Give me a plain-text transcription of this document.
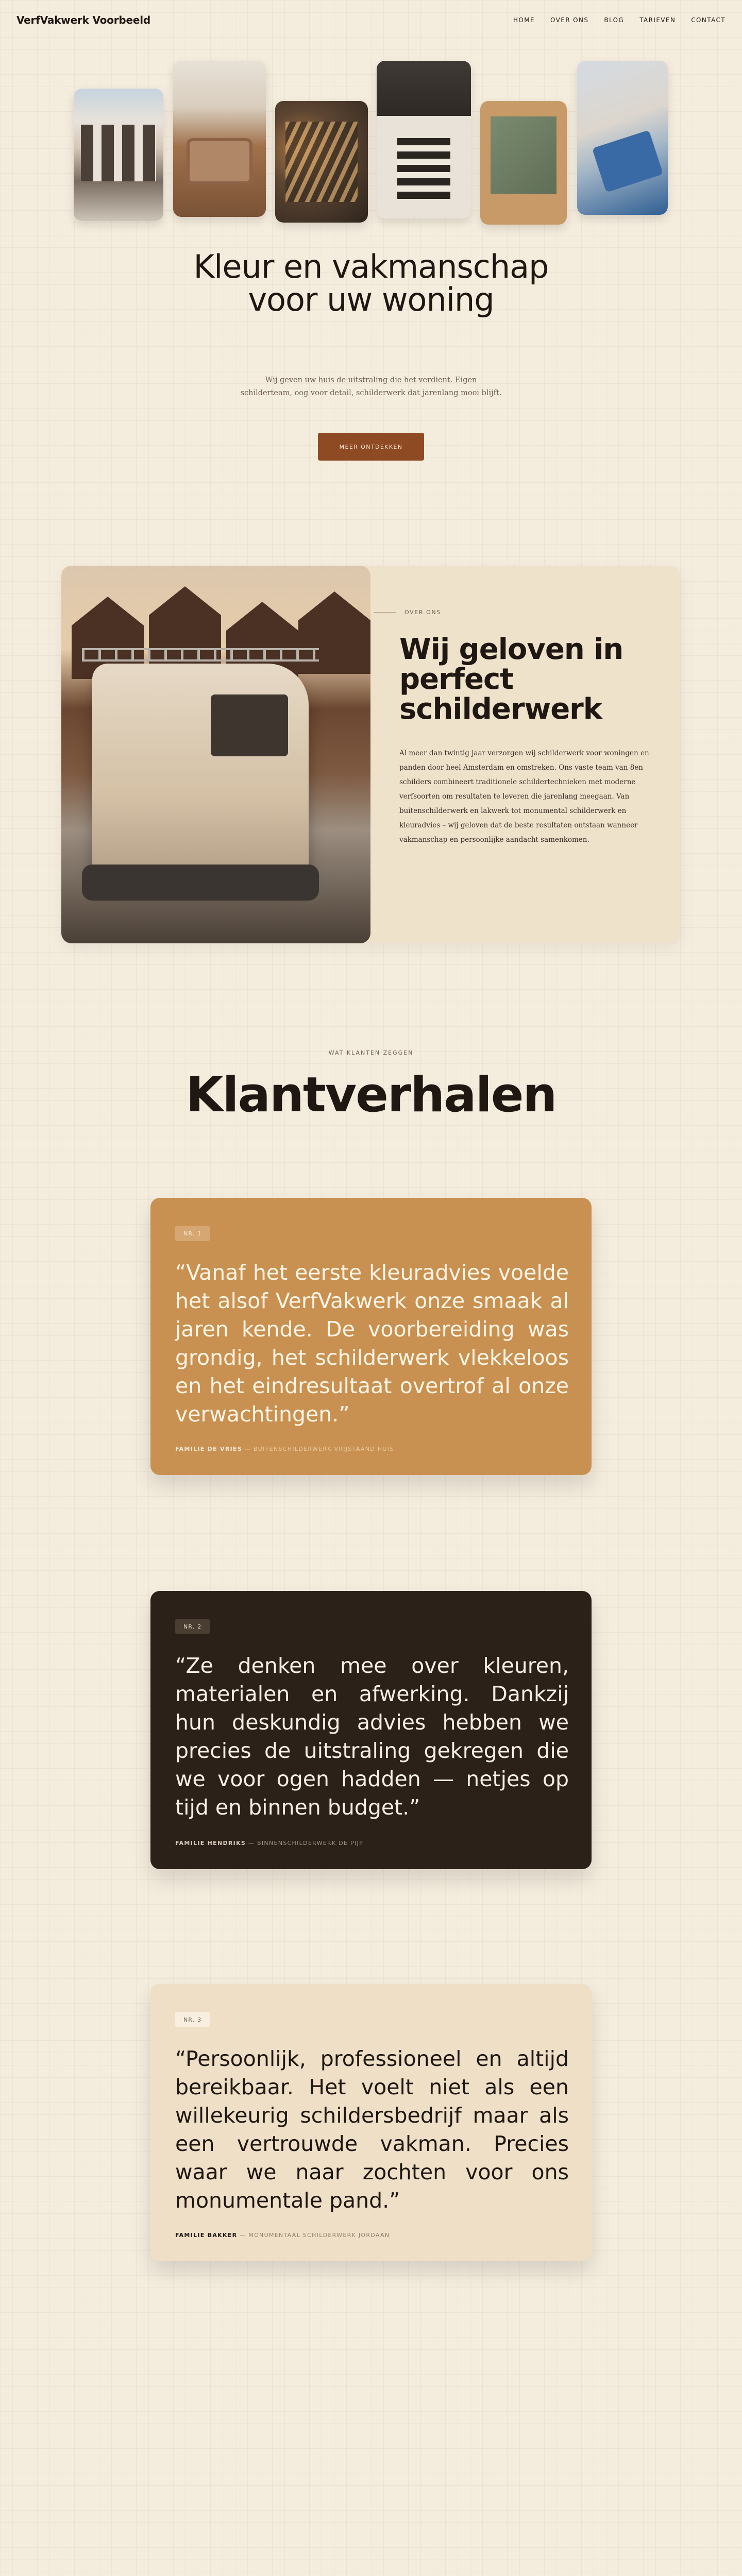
VerfVakwerk Voorbeeld	HOME	OVER ONS	BLOG	TARIEVEN	CONTACT
Kleur en vakmanschap voor uw woning

Wij geven uw huis de uitstraling die het verdient. Eigen schilderteam, oog voor detail, schilderwerk dat jarenlang mooi blijft.

MEER ONTDEKKEN
OVER ONS
Wij geloven in perfect schilderwerk

Al meer dan twintig jaar verzorgen wij schilderwerk voor woningen en panden door heel Amsterdam en omstreken. Ons vaste team van 8en schilders combineert traditionele schildertechnieken met moderne verfsoorten om resultaten te leveren die jarenlang meegaan. Van buitenschilderwerk en lakwerk tot monumental schilderwerk en kleuradvies – wij geloven dat de beste resultaten ontstaan wanneer vakmanschap en persoonlijke aandacht samenkomen.

WAT KLANTEN ZEGGEN
Klantverhalen
NR. 1

“Vanaf het eerste kleuradvies voelde het alsof VerfVakwerk onze smaak al jaren kende. De voorbereiding was grondig, het schilderwerk vlekkeloos en het eindresultaat overtrof al onze verwachtingen.”

FAMILIE DE VRIES — BUITENSCHILDERWERK VRIJSTAAND HUIS

NR. 2

“Ze denken mee over kleuren, materialen en afwerking. Dankzij hun deskundig advies hebben we precies de uitstraling gekregen die we voor ogen hadden — netjes op tijd en binnen budget.”

FAMILIE HENDRIKS — BINNENSCHILDERWERK DE PIJP

NR. 3

“Persoonlijk, professioneel en altijd bereikbaar. Het voelt niet als een willekeurig schildersbedrijf maar als een vertrouwde vakman. Precies waar we naar zochten voor ons monumentale pand.”

FAMILIE BAKKER — MONUMENTAAL SCHILDERWERK JORDAAN
